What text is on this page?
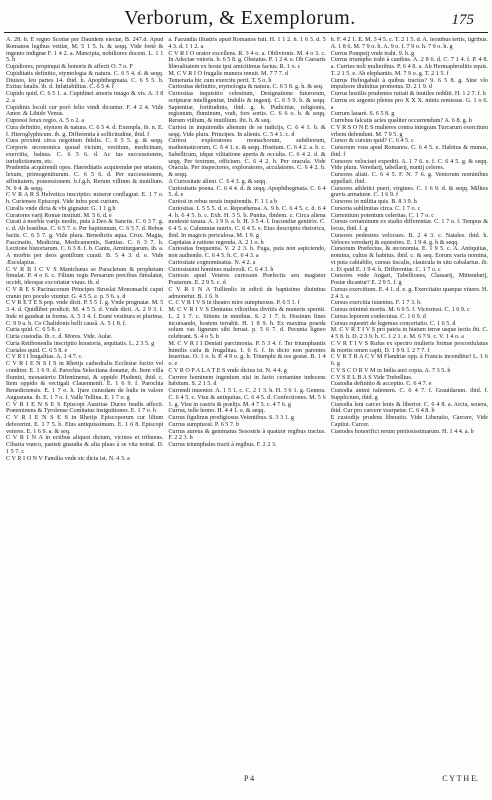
Verborum, & Exemplorum.	175

A. 28. h. E regno Scotiæ per Dauidem eiectæ, B. 247.d. Apud Romanos legibus vetitæ, M. 5 1 5. h. & seqq. Vide fortè & ingenio indignæ F. 1 4 2. a. Mancipia, nobiliores docent. L. 1 1 5. h

Cupidiores, propinqui & honoris & affecti O. 7 o. F

Cupiditatis definitio, etymologia & natura. C. 6 5 4. d. & seqq. Diuisio, leu partes 14. ibid. h. Apophthegmata. C. 6 5 5. b. Exitus fatalis. ib. d. Infatiabilitas. C. 6 5 4. f

Cupido quid. C. 6 5 1. a. Cupidinei amoris imago & vis. A. 3 8 2. a

Cupidinis loculi cur porò felio vindi dicuntur. F. 4 2 4. Vide Amor. & Libido Venus.

Cupressi ferax regio. A. 5 o 2. a

Cura definitio, etymon & natura. C. 6 5 4. d. Exempla, ib. n. E. f. Hieroglyphicum. ib. g. Differentia à sollicitudine, ibid. f

Cura proximi circa negotium fidelis. C. 6 5 5. g. & seqq. Corporis œconomica quoad victum, vestitum, medicinam, exercitia, balnea. C. 6 5 6. d. Ac ius successionem, iurisdictionem, etc.

Prudentia acquirendi opes. Hæreditatis acquirendæ per œtatem, lexum, primogenitiuram. C. 6 5 6. d. Per successionem, affinitatem, possessionem. b.f.g.h. Rerum villinm & inutilium. N. 9 4. & seqq.

C V R A R S Helvetica inscriptio. miseræ conflagrat. E. 1 7 o. h. Curienses Episcopi. Vide infra post curium.

Curalis vnde dicta & vbi gignatur. G. 1 1 g.h

Curatores varij Romæ instituti. M. 5 6. d. e

Curati à morbis varijs modis, puta à Deo & Sanctis. C. 6 3 7. g. c. d. Ab hostibus. C. 6 5 7. e. Per baptismum. C. 6 5 7. d. Rebus factis. C. 6 5 7. g. Vide plura. Benedictis aqua. Crux. Magia, Fascinatio, Medicina, Medicamentis, Sanitas. C. 6 3 7. h. Lectione historiarum. C. 6 3 8. f. b. Cantu, Armiturgarum. ib. a. A morbis per deos gentilium curati. B. 5 4 3. d. e. Vide Æsculapius.

C V R B I C V S Manichæus se Paracletum & prophetam fimulat. P. 4 o 6. c. Filium regis Persarum precibus fimulatur, occidi, ideoque excoriatur viuus. ib. d

C V R E S Pacinacorum Principes Struslai Monomachi caput cranio pro poculo vtuntur. G. 4 5 5. e. p. 5 6. s. d

C V R E T E S pop. vnde dicti. P. 5 5 1. g. Vnde prognatæ. M. 5 3 4. d. Quidlibet prodicti. M. 4 5 5. d. Vnde dicti. A. 2 9 3. f. Inde et gaudeat in forma. A. 5 3 4. f. Erant vestitura et plurima. C. 9 9 a. h. Co Chalidonis belli causâ. A. 5 1 8. f.

Curia quid. C. 6 5 8. c

Curia custodia. ib. c. d. Mores. Vide. Aulæ.

Curia Retibonenlis inscriptio horatoria, æquitatis. L. 2 3 5. g

Curiales quid. C. 6 5 8. e

C V R I I frugalitas. A. 1 4 7. c

C V R I E N S I S in Rhetijs cathedralis Ecclesiæ fuctio vel conditor. E. 1 6 9. d. Parochia Selectiana donatur, ib. Item villa flumini, monasterio Difentinensi, & oppido Pludenti, ibid. c. Item oppido & vectigali Clauennenſi. E. 1 6 9. f. Parochia Benedictensis. E. 1 7 o. h. Ijure cuiusdam de ludis in valore Augustana. ib. E. 1 7 o. f. Valle Tellina. E. 1 7 o. g

C V R I E N S E S Episcopi Austriae Duces feudis affecti. Præeminens & Tyrolense Comitatus insignitiones. E. 1 7 o. h

C V R I E N S E S in Rhetijs Episcoporum cur lilium defecerint. E. 1 7 5. b. Eius antiquissimum. E. 1 6 8. Episcopi veteres. E. 1 6 9. a. & seq.

C V R I N A in ectibus aliquot dictum, vicinos et tribuens. Cibaria vunco, panisti gnaudia & alia pluas à se vita notrat. D. 1 5 7. c

C V R I O N V Familia vnde sic dicta ist. N. 4 3. a

a. Facundia illustris apud Romanos fuit. H. 1 1 2. h. 1 6 3. d. 5 4 3. d. 1 1 2. a

C V R I O orator excellens. R. 3 4 o. a. Oblivionis. M. 4 o 3. c. In Adectae vnioris. b. 6 5 8. g. Obstatus. P. 1 2 4. e. Ob Caesaris liberalitatem ex hoste ipsi amicitimus factus. R. 1 o. c

M. C V R I O frugalis munera renuit. M. 7 7 7. d

Temeraria hic cum exercitu perit. T. 5 o. h

Curiositas definitio, etymologia & natura. C. 6 5 8. g. h. & seq.

Curiositas inquisitio celestium, Designatione futurorum, scripturæ intelligentiæ, Indolis & ingenij. C. 6 5 9. b. & seqq. Sapientiæ, fortitudinis, ibid. g. h. Pudicitiæ, religionis, regionum, fluminum, vudi, fors sortis. C. 6 6 o. b. & seqq. Rerum vtilium, & inutilium. ibi. h. & seq.

Curiosi in inquirendis alienum de se iudicijs, C. 6 4 1. b. & seqq. Vide plura. Principes. In alienis. C. 5 4 1. c. d

Curiosi exploratores monachorum, subditorum, mathematicorum. C. 6 4 1. e. & seqq. Hostium. C. 6 4 2. a. b. c. Sabellicum, idque vilitatione aperta & occulta. C. 6 4 2. d. & seqq. Per textrum, officium. C. 6 4 2. h. Per oracula. Vide Oracula. Per inspectores, exploratores, acculatores. C. 6 4 2. h. & seqq.

A Curiositate alieni. C. 6 4 3. g. & seqq.

Curiositatis poena. C. 6 4 4. d. & seqq. Apophthegmata. C. 6 4 5. d. e

Curiosi in rebus nouis inquirendis. F. 1 1 a b

Curiositas. I. 5 5 5. d. e. Repræhensa. A. 9 b. C. 6 4 5. c. d. 6 4 4. h. 6 4 5. b. c. Exh. H. 3 5. b. Punita, ibidem. c. Circa aliena modestè taxata. A. 1 9 9. a. b. H. 3 5 4. f. Iracundiæ genitrix. C. 6 4 5. e. Calumniæ nutrix. C. 6 4 5. e. Eius descriptio rhetorica, ibid. In magicis periculosa. M. 1 9. g

Capitatas à ratione regenda. A. 2 1 o. h

Curiositas frequentia. V. 2 2 3. h. Fuga, puta non aspiciendo, non audiendo. C. 6 4 5. h. C. 6 4 3. a

Curiositate cognominatus. N. 4 2. a

Curiosissimi homines malevoli. C. 6 4 3. h

Curiosis apud Veteres curiosum Præfectis seu magister Postarum. E. 2 9 5. c. d

C V R I N A Tullienlis in edicti de baptisimo diuinitus admonetur. B. 1 6. b

C. C V R I V S in theatro mire sumptuosus. P. 6 5 1. f

M. C V R I V S Dentatus vilioribus divitiis & muneris spernit. L. 2 1 7. c. Sitiens in minibus. S. 2 1 7. h. Hostium fines incursando, hostem terrahit. H. 1 8 9. h. Ex maxima praeda solum vas ligneum sibi feruat. p. 5 6 7. d. Pecunia ligneo celebrant. S. 4 o 5. h

M. C V R I I Dentati parcimonia. P. 5 3 4. f. Ter triumphantis humilis cæla & frugalitas. I. 6 6. f. In dicto non parentes feueritas. O. 1 o. b. P. 4 9 o. g. h. Triumphi & res gestæ. B. 1 4 o. e

C V R O P A L A T E S vnde dictus ist. N. 4 4. g

Currere hominem ingenium nisi in facto certamine indecens habitum. S. 2 1 5. d

Currendi inuentor. A. 1 5 1. c. C. 2 1 3. h. H. 3 6 1. g. Genera. C. 6 4 5. c. Visu & antiquitas. C. 6 4 5. d. Confectiones. M. 5 6 1. g. Visu in castris & prælijs. M. 4 7 5. c. 4 7 6. g

Currus, telle homo. H. 4 4 1. e. & seqq.

Currus figulinus prodigiosus Veientibus. S. 3 3 1. g

Currus sumptuosi. P. 6 5 7. b

Currus aureus & gemmatus Sesostris à quatuor regibus tractus. F. 2 2 3. h

Currus triumphales tracti à regibus. F. 2 2 3.

h. F. 4 2 1. E. M. 3 4 5. c. T. 2 1 5. d. A. leonibus tertis, tigribus. A. 1 8 6. M. 7 9 o. h. A. 9 o. f. 7 9 o. h. 7 9 o. h. g

Currus Pompeij vnde trahi. 9. h. g

Currus triumpho trahi à canibus. A. 2 8 6. d. C. 7 1 4. f. P. 4 8. a. Curries noli mulieribus. P. 6 4 8. a. Ab Hermaphroditis equis. T. 2 1 5. e. Ab elephantis. M. 7 9 o. g. T. 2 1 5. f

Currus Heliogabali à quibus tractus? 9. 6 5 8. g. Sine vlo impulsore diuinitus promotus. D. 2 1 9. d

Currus hostilis prudentes ruitati & inutiles redditi. H. 1 2 7. f. h

Currus ex argento plenus pro X X X. minis remissus. G. 1 o 6. a

Currum lauarè. S. 6 5 8. g

Currebus falcatis acies qualiter occurrendum? A. 6 8. g. h

C V R S O N E S mulieres contra integram Turcarum exercitum vrbem defendunt. M. 7 9 5. g

Cursor & cursim quid? C. 6 4 5. c

Cursorum vsus apud Romanos. C. 6 4 5. e. Habitus & munus, ibid. f

Cursores velociset expediti. A. 1 7 6. e. f. C. 6 4 5. g. & seqq. Vide plura. Veredarij, tabellarij, nuntij celeres.

Cursores aliati. C. 6 4 5. F. N. 7 6. g. Ventorum nominibus appellati. ibid.

Cursores athletici pueri, virgines. C. 1 6 9. d. & seqq. Milites gravis armaturæ. C. 1 6 9. f

Cursores in militia quis. B. 8 3 9. h

Cursoria sublimitas circa. C. 1 7 o. c

Currentium potentum celeritas. C. 1 7 o. c

Cursus certaminum ex stadio differentiæ. C. 1 7 o. f. Tempus & locus, ibid. f. g

Cursores pedestres velocues. B. 2 4 3. c. Natales. ibid. h. Veloces veredarij & equestres. E. 1 9 4. g. h & seqq.

Cursorum Præfectus, & œconomia. E. 1 9 5. c. A. Antiquitas, nomina, cultus & habitus. ibid. c. & seq. Eorum varia nomina, vt puta cabiablio, cursus tiscalis, clauicula in situ cabalarius. ib. c. Et quid E. 1 9 4. h. Differentiæ. C. 1 7 o. c

Cursores vnde Angari, Tabelliones, Classarij, Mittendarij, Postæ dicantur? E. 2 9 5. f. g

Cursus exercitium. E. 4 1. d. e. g. Exercitatio quæque viuere. H. 2 4 3. a

Cursus exercitia iuuenius. F. 1 7 3. b.

Cursus minimè mortis. M. 6 9 5. f. Victoriosi. C. 1 6 9. c

Cursus leporem conlecntus. C. 1 6 9. d

Cursus equestri de legemus concertatio. C. 1 6 5. d

M. C V R T I V S pro patria in hiatum terræ usque iectis ibi. C. 4 5 8. h. D. 2 3 9. h. C. 1 2 1. e. M. 6 7 9. c. V. 1 4 o. a

C V R T I V S Rufus ex spectro mulieris formæ proconfulatus & mortis omen capit, D. 1 9 9. l. 2 7 7. f

C V R T R A C V M Flandriæ opp. à Francis incenditur! L. 1 6 6. g

C V S C O R V M in India auri copia. A. 7 3 5. h

C V S E L B A S Vide Trebellius.

Custodia definitio & acceptio. C. 6 4 7. e

Custodia animi rationem. C. 6 4 7. f. Grauidarum. ibid. f. Supplicium, ibid. g

Custodia leni carcer lenis & liberior. C. 6 4 8. a. Arcta, seuera, ibid. Cur pro carcere vsurpetur. C. 6 4 8. b

E custodijs prudens liberatio. Vide Liberatio, Carcere, Vide Captiui. Carcer.

Custodes honorifici rerum pretiosissimarum. H. 1 4 4. a. b

P 4	C Y T H E.
